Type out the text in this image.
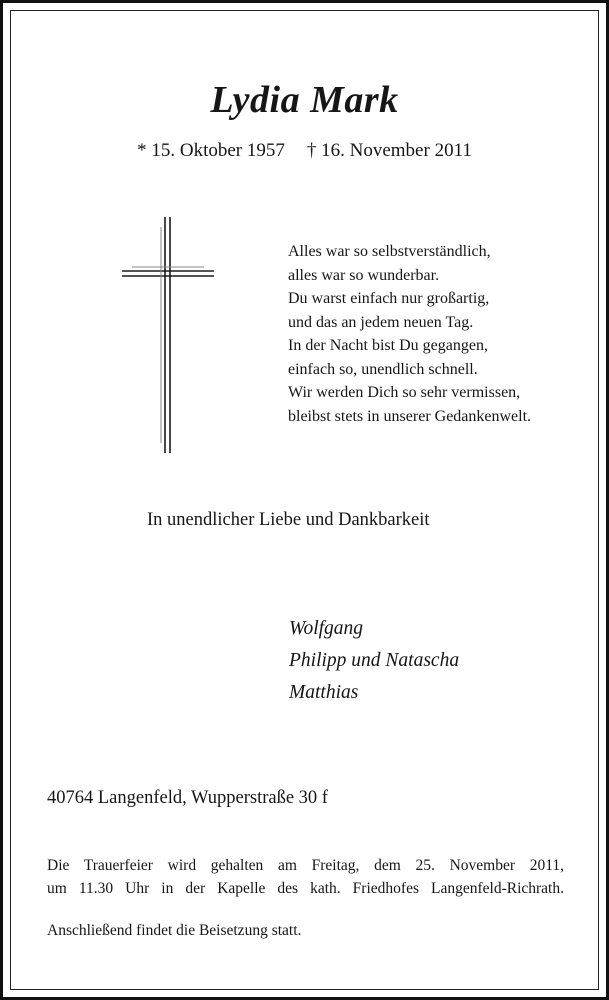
Lydia Mark
* 15. Oktober 1957 † 16. November 2011
Alles war so selbstverständlich,
alles war so wunderbar.
Du warst einfach nur großartig,
und das an jedem neuen Tag.
In der Nacht bist Du gegangen,
einfach so, unendlich schnell.
Wir werden Dich so sehr vermissen,
bleibst stets in unserer Gedankenwelt.
In unendlicher Liebe und Dankbarkeit
Wolfgang
Philipp und Natascha
Matthias
40764 Langenfeld, Wupperstraße 30 f
Die Trauerfeier wird gehalten am Freitag, dem 25. November 2011,
um 11.30 Uhr in der Kapelle des kath. Friedhofes Langenfeld-Richrath.
Anschließend findet die Beisetzung statt.
